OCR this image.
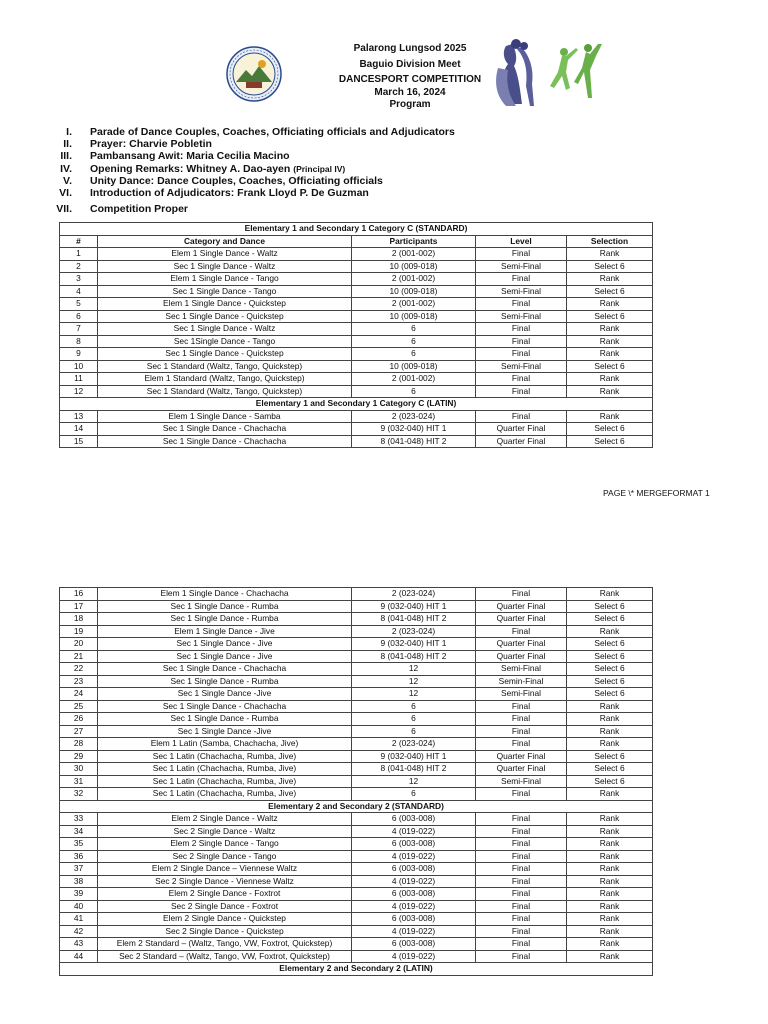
Palarong Lungsod 2025
Baguio Division Meet
DANCESPORT COMPETITION
March 16, 2024
Program
I. Parade of Dance Couples, Coaches, Officiating officials and Adjudicators
II. Prayer: Charvie Pobletin
III. Pambansang Awit: Maria Cecilia Macino
IV. Opening Remarks: Whitney A. Dao-ayen (Principal IV)
V. Unity Dance: Dance Couples, Coaches, Officiating officials
VI. Introduction of Adjudicators: Frank Lloyd P. De Guzman
VII. Competition Proper
Elementary 1 and Secondary 1 Category C (STANDARD)				
#	Category and Dance	Participants	Level	Selection
1	Elem 1 Single Dance - Waltz	2 (001-002)	Final	Rank
2	Sec 1 Single Dance - Waltz	10 (009-018)	Semi-Final	Select 6
3	Elem 1 Single Dance - Tango	2 (001-002)	Final	Rank
4	Sec 1 Single Dance - Tango	10 (009-018)	Semi-Final	Select 6
5	Elem 1 Single Dance - Quickstep	2 (001-002)	Final	Rank
6	Sec 1 Single Dance - Quickstep	10 (009-018)	Semi-Final	Select 6
7	Sec 1 Single Dance - Waltz	6	Final	Rank
8	Sec 1Single Dance - Tango	6	Final	Rank
9	Sec 1 Single Dance - Quickstep	6	Final	Rank
10	Sec 1 Standard (Waltz, Tango, Quickstep)	10 (009-018)	Semi-Final	Select 6
11	Elem 1 Standard (Waltz, Tango, Quickstep)	2 (001-002)	Final	Rank
12	Sec 1 Standard (Waltz, Tango, Quickstep)	6	Final	Rank
Elementary 1 and Secondary 1 Category C (LATIN)				
13	Elem 1 Single Dance - Samba	2 (023-024)	Final	Rank
14	Sec 1 Single Dance - Chachacha	9 (032-040) HIT 1	Quarter Final	Select 6
15	Sec 1 Single Dance - Chachacha	8 (041-048) HIT 2	Quarter Final	Select 6
PAGE \* MERGEFORMAT 1
16	Elem 1 Single Dance - Chachacha	2 (023-024)	Final	Rank
17	Sec 1 Single Dance - Rumba	9 (032-040) HIT 1	Quarter Final	Select 6
18	Sec 1 Single Dance - Rumba	8 (041-048) HIT 2	Quarter Final	Select 6
19	Elem 1 Single Dance - Jive	2 (023-024)	Final	Rank
20	Sec 1 Single Dance - Jive	9 (032-040) HIT 1	Quarter Final	Select 6
21	Sec 1 Single Dance - Jive	8 (041-048) HIT 2	Quarter Final	Select 6
22	Sec 1 Single Dance - Chachacha	12	Semi-Final	Select 6
23	Sec 1 Single Dance - Rumba	12	Semin-Final	Select 6
24	Sec 1 Single Dance -Jive	12	Semi-Final	Select 6
25	Sec 1 Single Dance - Chachacha	6	Final	Rank
26	Sec 1 Single Dance - Rumba	6	Final	Rank
27	Sec 1 Single Dance -Jive	6	Final	Rank
28	Elem 1 Latin (Samba, Chachacha, Jive)	2 (023-024)	Final	Rank
29	Sec 1 Latin (Chachacha, Rumba, Jive)	9 (032-040) HIT 1	Quarter Final	Select 6
30	Sec 1 Latin (Chachacha, Rumba, Jive)	8 (041-048) HIT 2	Quarter Final	Select 6
31	Sec 1 Latin (Chachacha, Rumba, Jive)	12	Semi-Final	Select 6
32	Sec 1 Latin (Chachacha, Rumba, Jive)	6	Final	Rank
Elementary 2 and Secondary 2 (STANDARD)				
33	Elem 2 Single Dance - Waltz	6 (003-008)	Final	Rank
34	Sec 2 Single Dance - Waltz	4 (019-022)	Final	Rank
35	Elem 2 Single Dance - Tango	6 (003-008)	Final	Rank
36	Sec 2 Single Dance - Tango	4 (019-022)	Final	Rank
37	Elem 2 Single Dance – Viennese Waltz	6 (003-008)	Final	Rank
38	Sec 2 Single Dance - Viennese Waltz	4 (019-022)	Final	Rank
39	Elem 2 Single Dance - Foxtrot	6 (003-008)	Final	Rank
40	Sec 2 Single Dance - Foxtrot	4 (019-022)	Final	Rank
41	Elem 2 Single Dance - Quickstep	6 (003-008)	Final	Rank
42	Sec 2 Single Dance - Quickstep	4 (019-022)	Final	Rank
43	Elem 2 Standard – (Waltz, Tango, VW, Foxtrot, Quickstep)	6 (003-008)	Final	Rank
44	Sec 2 Standard – (Waltz, Tango, VW, Foxtrot, Quickstep)	4 (019-022)	Final	Rank
Elementary 2 and Secondary 2 (LATIN)				
